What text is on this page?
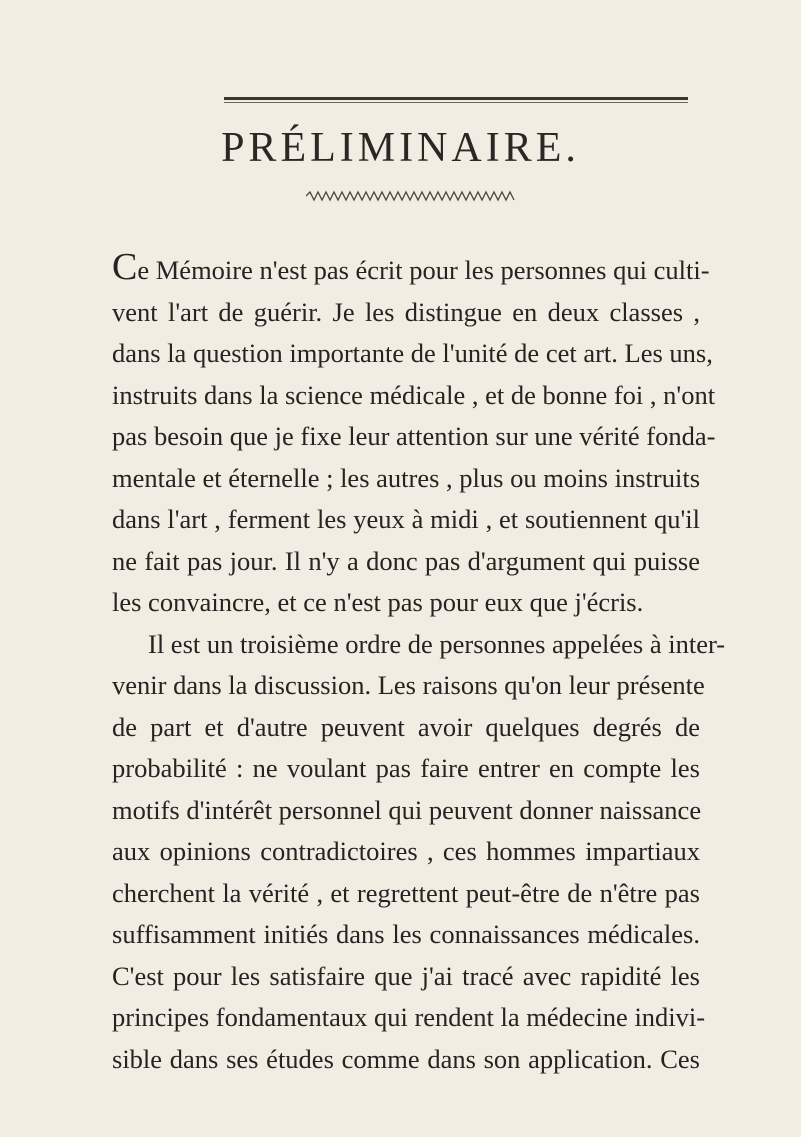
PRÉLIMINAIRE.
Ce Mémoire n'est pas écrit pour les personnes qui culti-
vent l'art de guérir. Je les distingue en deux classes ,
dans la question importante de l'unité de cet art. Les uns,
instruits dans la science médicale , et de bonne foi , n'ont
pas besoin que je fixe leur attention sur une vérité fonda-
mentale et éternelle ; les autres , plus ou moins instruits
dans l'art , ferment les yeux à midi , et soutiennent qu'il
ne fait pas jour. Il n'y a donc pas d'argument qui puisse
les convaincre, et ce n'est pas pour eux que j'écris.
Il est un troisième ordre de personnes appelées à inter-
venir dans la discussion. Les raisons qu'on leur présente
de part et d'autre peuvent avoir quelques degrés de
probabilité : ne voulant pas faire entrer en compte les
motifs d'intérêt personnel qui peuvent donner naissance
aux opinions contradictoires , ces hommes impartiaux
cherchent la vérité , et regrettent peut-être de n'être pas
suffisamment initiés dans les connaissances médicales.
C'est pour les satisfaire que j'ai tracé avec rapidité les
principes fondamentaux qui rendent la médecine indivi-
sible dans ses études comme dans son application. Ces
